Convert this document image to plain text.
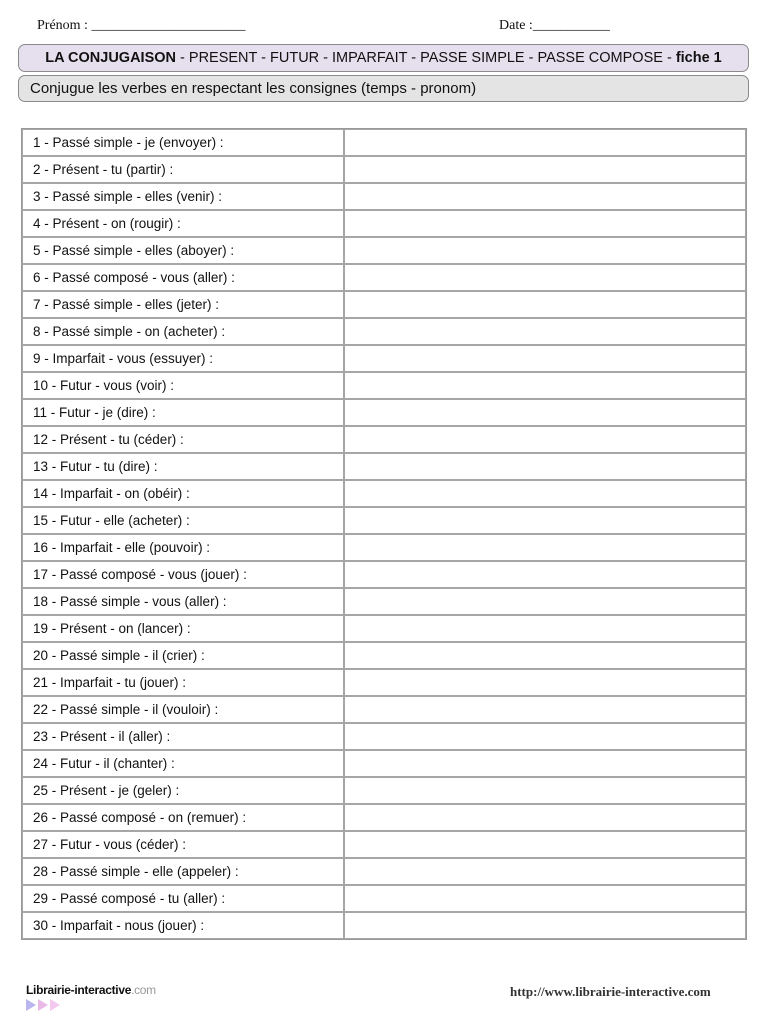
Prénom : ______________________	Date :___________
LA CONJUGAISON - PRESENT - FUTUR - IMPARFAIT - PASSE SIMPLE - PASSE COMPOSE - fiche 1
Conjugue les verbes en respectant les consignes (temps - pronom)
1 - Passé simple - je (envoyer) :	
2 - Présent - tu (partir) :	
3 - Passé simple - elles (venir) :	
4 - Présent - on (rougir) :	
5 - Passé simple - elles (aboyer) :	
6 - Passé composé - vous (aller) :	
7 - Passé simple - elles (jeter) :	
8 - Passé simple - on (acheter) :	
9 - Imparfait - vous (essuyer) :	
10 - Futur - vous (voir) :	
11 - Futur - je (dire) :	
12 - Présent - tu (céder) :	
13 - Futur - tu (dire) :	
14 - Imparfait - on (obéir) :	
15 - Futur - elle (acheter) :	
16 - Imparfait - elle (pouvoir) :	
17 - Passé composé - vous (jouer) :	
18 - Passé simple - vous (aller) :	
19 - Présent - on (lancer) :	
20 - Passé simple - il (crier) :	
21 - Imparfait - tu (jouer) :	
22 - Passé simple - il (vouloir) :	
23 - Présent - il (aller) :	
24 - Futur - il (chanter) :	
25 - Présent - je (geler) :	
26 - Passé composé - on (remuer) :	
27 - Futur - vous (céder) :	
28 - Passé simple - elle (appeler) :	
29 - Passé composé - tu (aller) :	
30 - Imparfait - nous (jouer) :	
Librairie-interactive.com	http://www.librairie-interactive.com
